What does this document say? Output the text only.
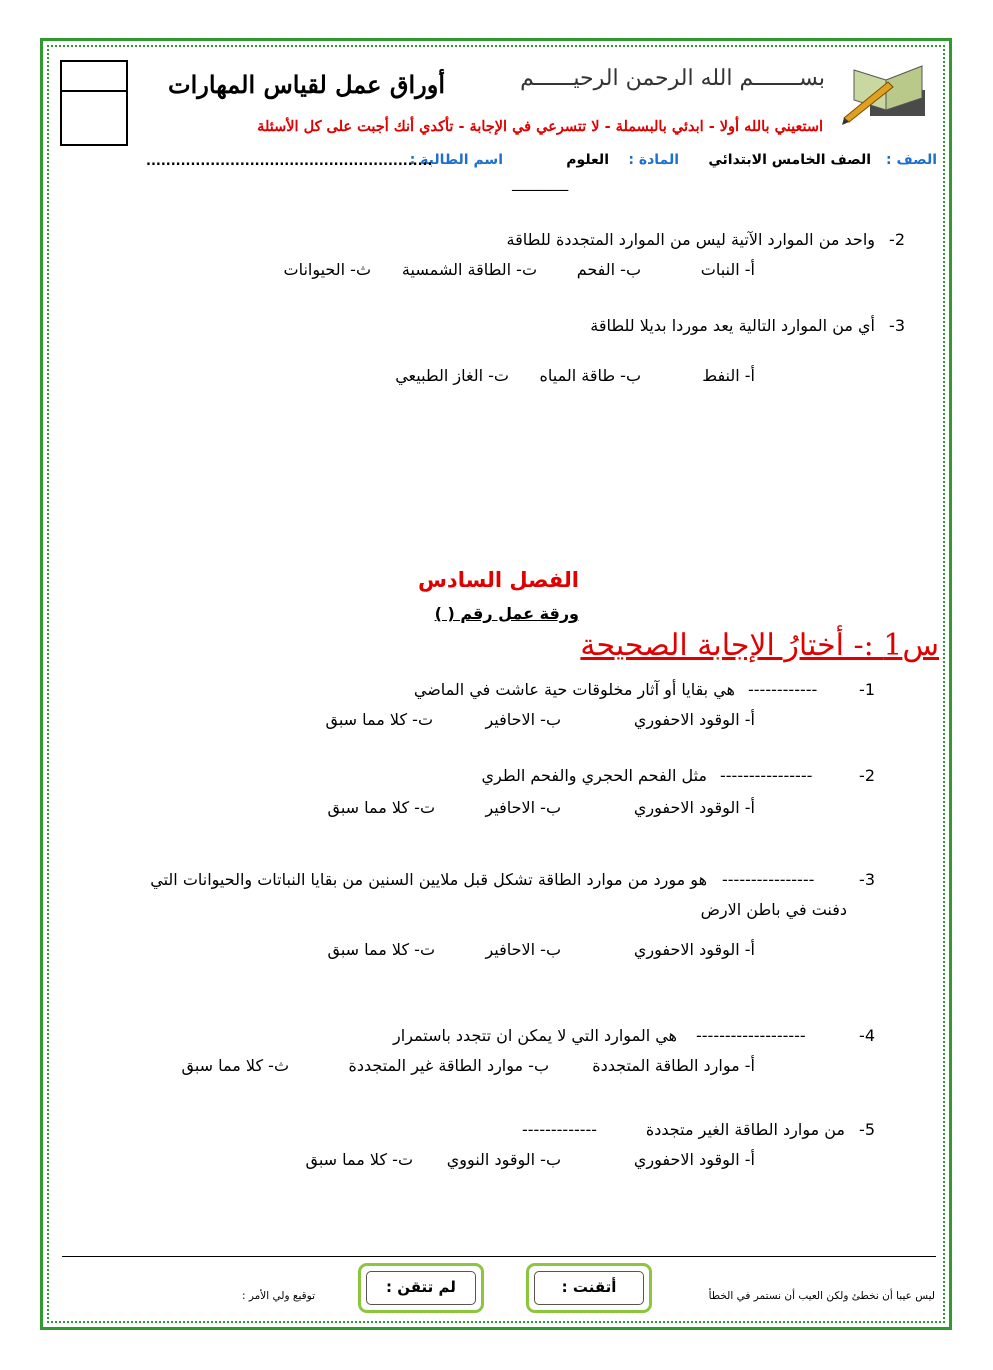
بســـــــم الله الرحمن الرحيــــــم
أوراق عمل لقياس المهارات
استعيني بالله أولا - ابدئي بالبسملة - لا تتسرعي في الإجابة - تأكدي أنك أجبت على كل الأسئلة
الصف :
الصف الخامس الابتدائي
المادة :
العلوم
اسم الطالبة :
..........................................................
ــــــــــــــــ
-2
واحد من الموارد الآتية ليس من الموارد المتجددة للطاقة
أ- النبات
ب- الفحم
ت- الطاقة الشمسية
ث- الحيوانات
-3
أي من الموارد التالية يعد موردا بديلا للطاقة
أ- النفط
ب- طاقة المياه
ت- الغاز الطبيعي
الفصل السادس
ورقة عمل رقم ( )
س1 :- أختارُ الإجابة الصحيحة
-1
------------
هي بقايا أو آثار مخلوقات حية عاشت في الماضي
أ- الوقود الاحفوري
ب- الاحافير
ت- كلا مما سبق
-2
----------------
مثل الفحم الحجري والفحم الطري
أ- الوقود الاحفوري
ب- الاحافير
ت- كلا مما سبق
-3
----------------
هو مورد من موارد الطاقة تشكل قبل ملايين السنين من بقايا النباتات والحيوانات التي
دفنت في باطن الارض
أ- الوقود الاحفوري
ب- الاحافير
ت- كلا مما سبق
-4
-------------------
هي الموارد التي لا يمكن ان تتجدد باستمرار
أ- موارد الطاقة المتجددة
ب- موارد الطاقة غير المتجددة
ث- كلا مما سبق
-5
من موارد الطاقة الغير متجددة
-------------
أ- الوقود الاحفوري
ب- الوقود النووي
ت- كلا مما سبق
ليس عيبا أن نخطئ ولكن العيب أن نستمر في الخطأ
أتقنت :
لم تتقن :
توقيع ولي الأمر :
